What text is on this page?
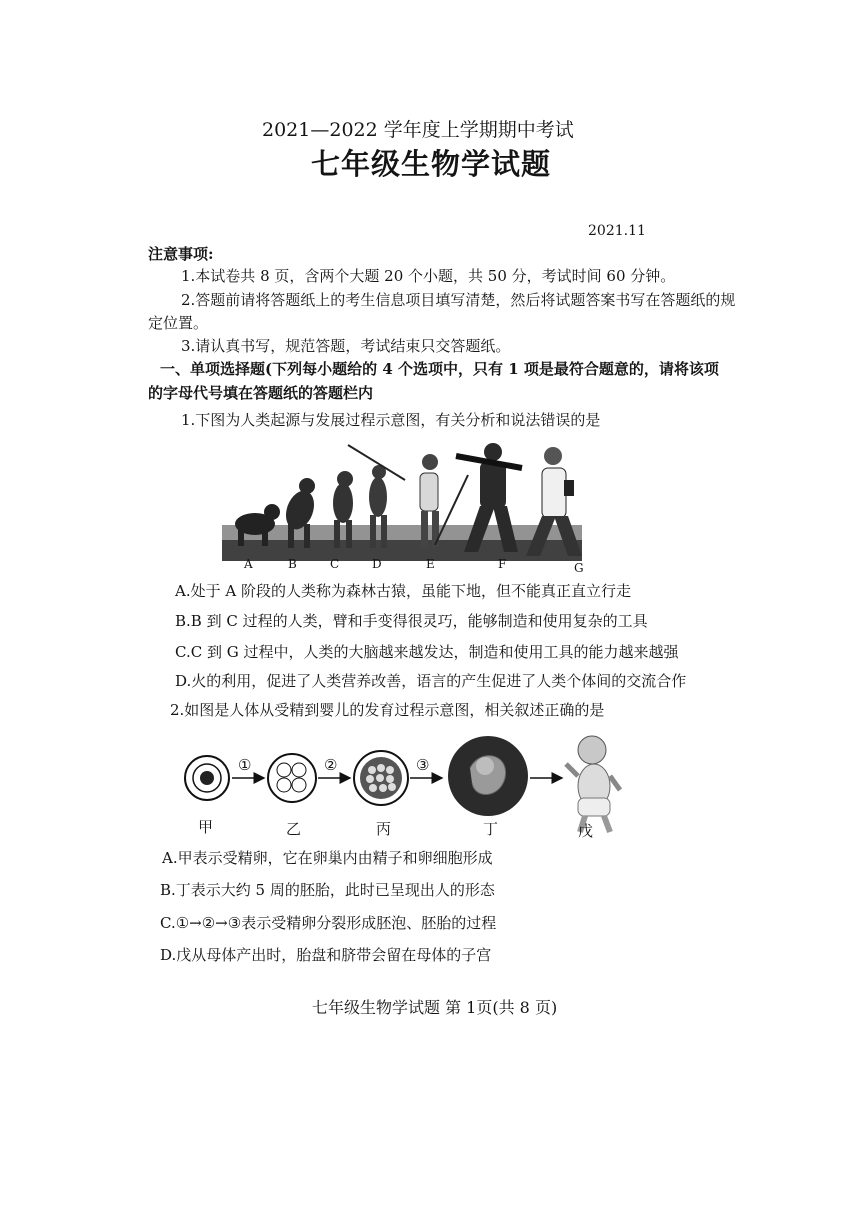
2021—2022 学年度上学期期中考试
七年级生物学试题
2021.11
注意事项:
1.本试卷共 8 页，含两个大题 20 个小题，共 50 分，考试时间 60 分钟。
2.答题前请将答题纸上的考生信息项目填写清楚，然后将试题答案书写在答题纸的规
定位置。
3.请认真书写，规范答题，考试结束只交答题纸。
一、单项选择题(下列每小题给的 4 个选项中，只有 1 项是最符合题意的，请将该项
的字母代号填在答题纸的答题栏内
1.下图为人类起源与发展过程示意图，有关分析和说法错误的是
A	B	C	D	E	F	G
A.处于 A 阶段的人类称为森林古猿，虽能下地，但不能真正直立行走
B.B 到 C 过程的人类，臂和手变得很灵巧，能够制造和使用复杂的工具
C.C 到 G 过程中，人类的大脑越来越发达，制造和使用工具的能力越来越强
D.火的利用，促进了人类营养改善，语言的产生促进了人类个体间的交流合作
2.如图是人体从受精到婴儿的发育过程示意图，相关叙述正确的是
①	②	③
甲	乙	丙	丁	戊
A.甲表示受精卵，它在卵巢内由精子和卵细胞形成
B.丁表示大约 5 周的胚胎，此时已呈现出人的形态
C.①→②→③表示受精卵分裂形成胚泡、胚胎的过程
D.戊从母体产出时，胎盘和脐带会留在母体的子宫
七年级生物学试题 第 1页(共 8 页)
